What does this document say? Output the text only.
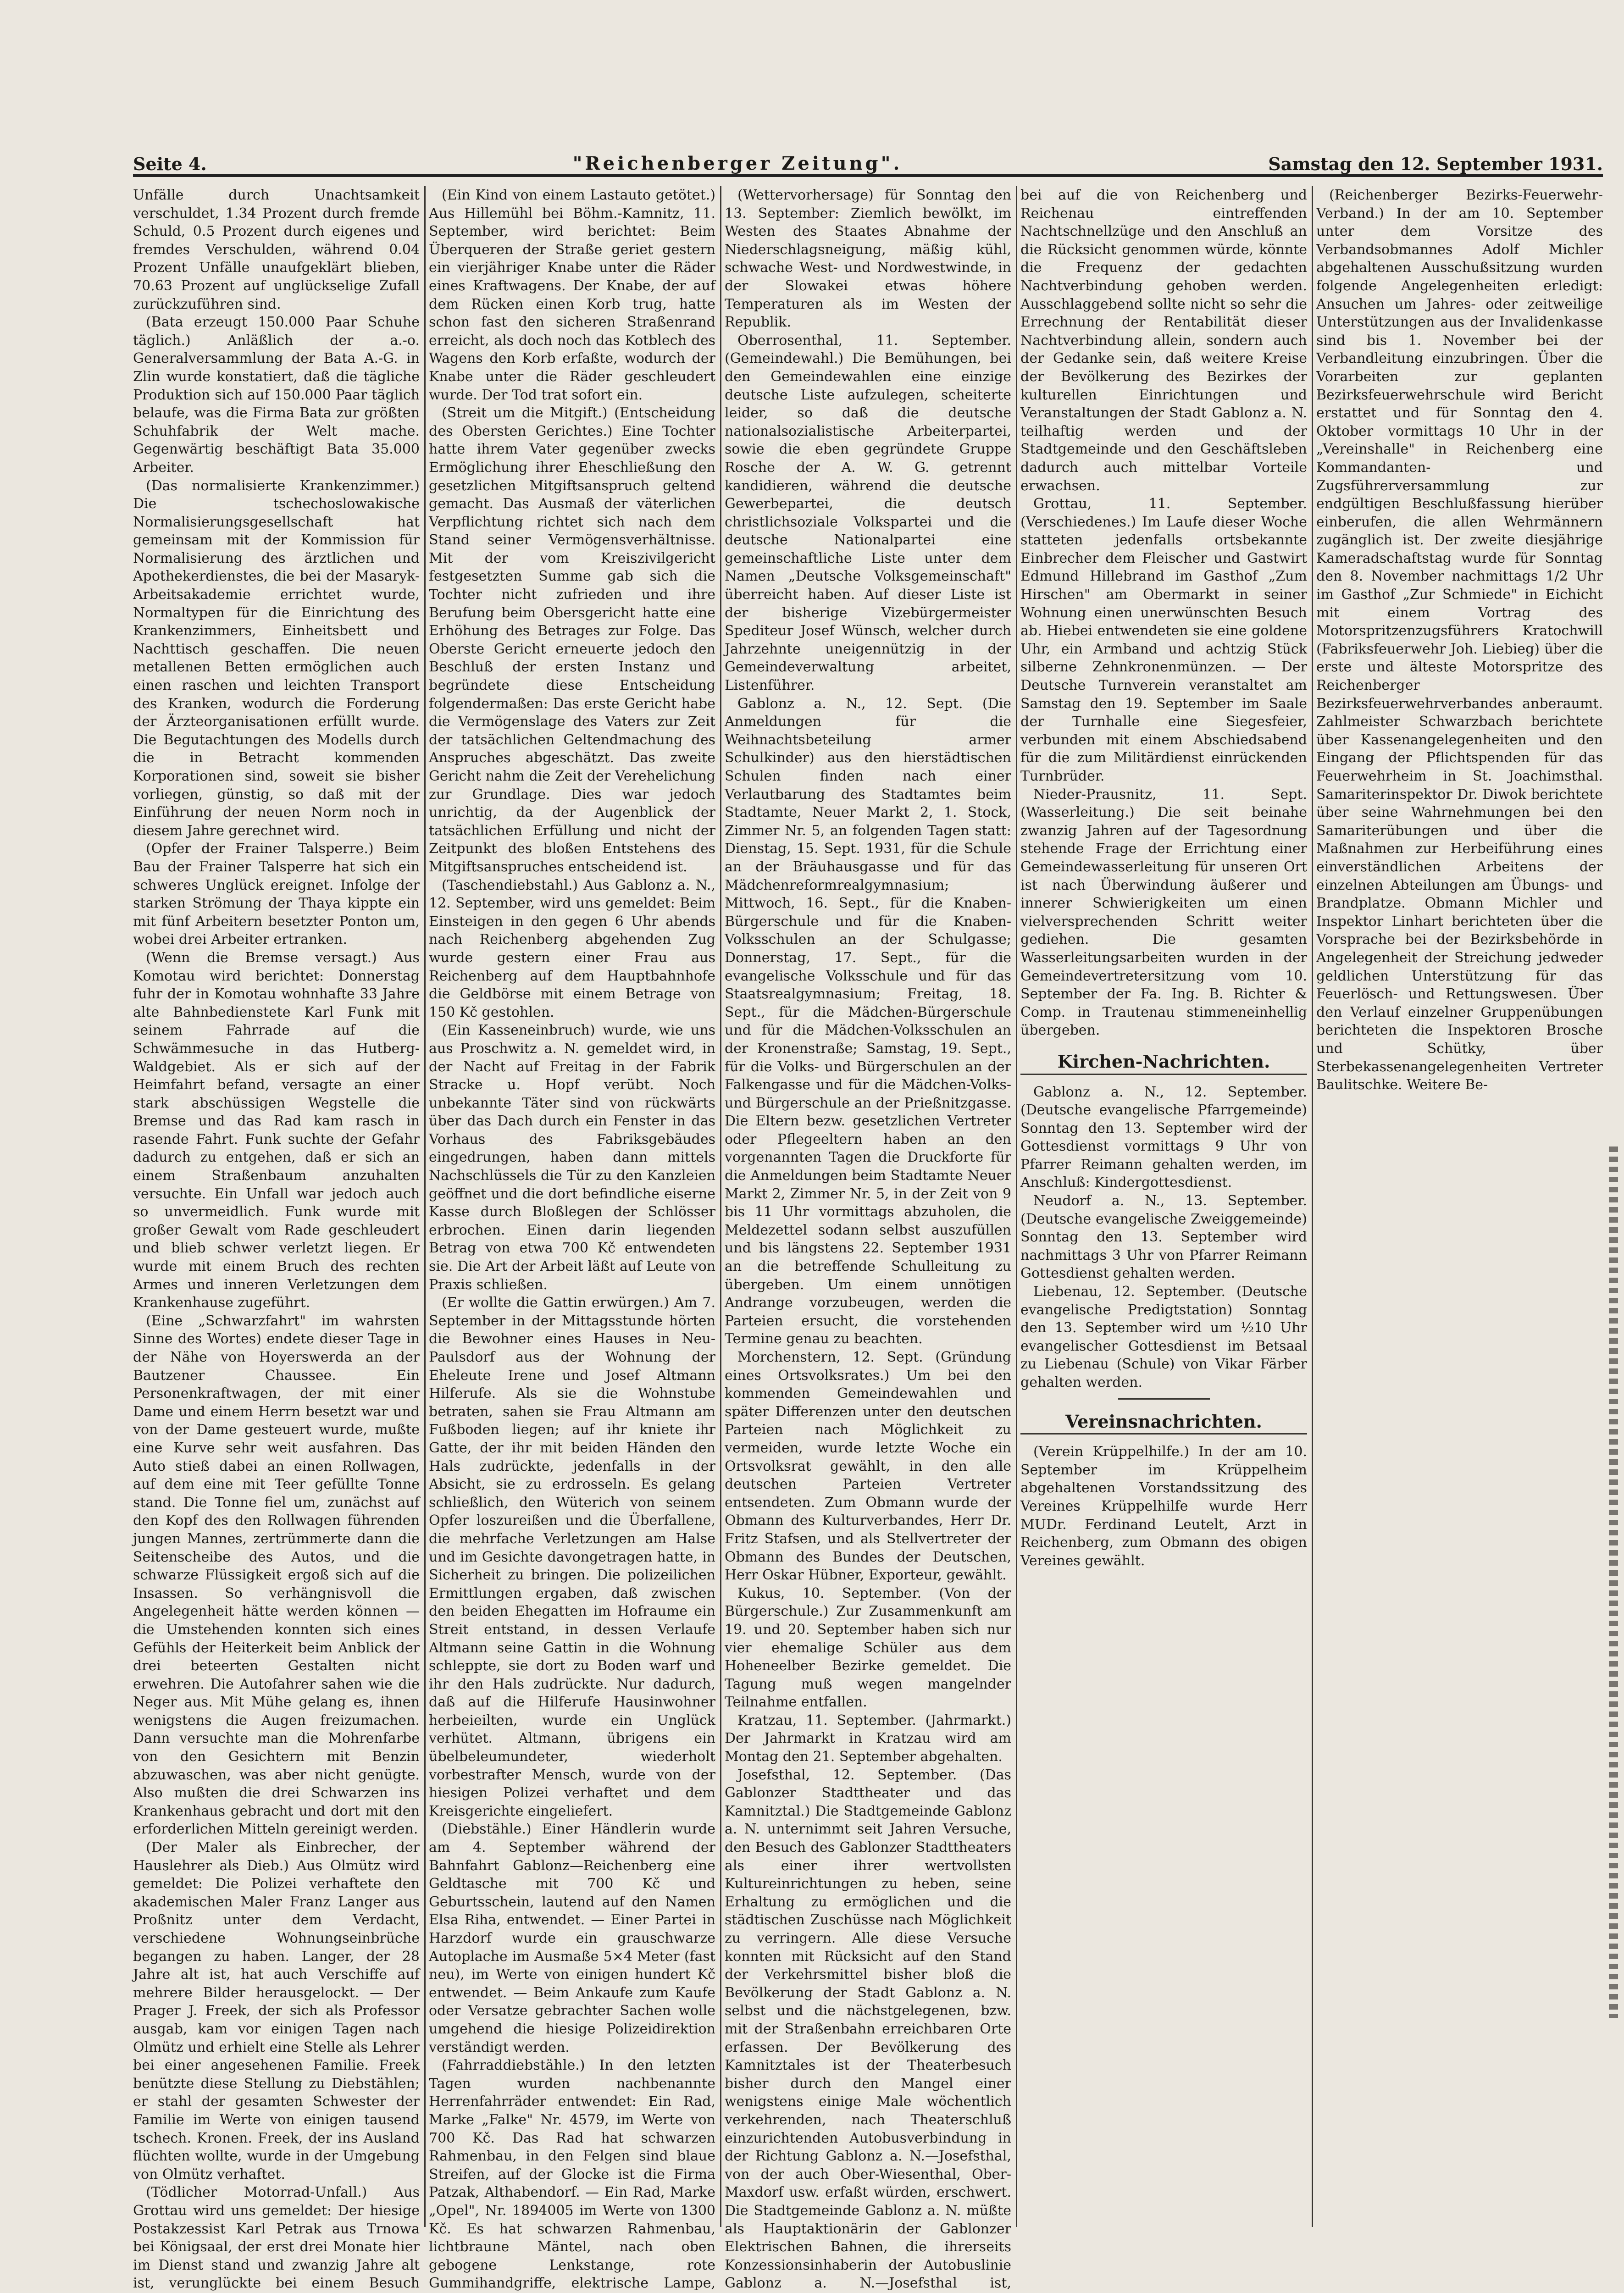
Seite 4.	"Reichenberger Zeitung".	Samstag den 12. September 1931.

Unfälle durch Unachtsamkeit verschuldet, 1.34 Prozent durch fremde Schuld, 0.5 Prozent durch eigenes und fremdes Verschulden, während 0.04 Prozent Unfälle unaufgeklärt blieben, 70.63 Prozent auf unglückselige Zufall zurückzuführen sind.

(Bata erzeugt 150.000 Paar Schuhe täglich.) Anläßlich der a.-o. Generalversammlung der Bata A.-G. in Zlin wurde konstatiert, daß die tägliche Produktion sich auf 150.000 Paar täglich belaufe, was die Firma Bata zur größten Schuhfabrik der Welt mache. Gegenwärtig beschäftigt Bata 35.000 Arbeiter.

(Das normalisierte Krankenzimmer.) Die tschechoslowakische Normalisierungsgesellschaft hat gemeinsam mit der Kommission für Normalisierung des ärztlichen und Apothekerdienstes, die bei der Masaryk-Arbeitsakademie errichtet wurde, Normaltypen für die Einrichtung des Krankenzimmers, Einheitsbett und Nachttisch geschaffen. Die neuen metallenen Betten ermöglichen auch einen raschen und leichten Transport des Kranken, wodurch die Forderung der Ärzteorganisationen erfüllt wurde. Die Begutachtungen des Modells durch die in Betracht kommenden Korporationen sind, soweit sie bisher vorliegen, günstig, so daß mit der Einführung der neuen Norm noch in diesem Jahre gerechnet wird.

(Opfer der Frainer Talsperre.) Beim Bau der Frainer Talsperre hat sich ein schweres Unglück ereignet. Infolge der starken Strömung der Thaya kippte ein mit fünf Arbeitern besetzter Ponton um, wobei drei Arbeiter ertranken.

(Wenn die Bremse versagt.) Aus Komotau wird berichtet: Donnerstag fuhr der in Komotau wohnhafte 33 Jahre alte Bahnbedienstete Karl Funk mit seinem Fahrrade auf die Schwämmesuche in das Hutberg-Waldgebiet. Als er sich auf der Heimfahrt befand, versagte an einer stark abschüssigen Wegstelle die Bremse und das Rad kam rasch in rasende Fahrt. Funk suchte der Gefahr dadurch zu entgehen, daß er sich an einem Straßenbaum anzuhalten versuchte. Ein Unfall war jedoch auch so unvermeidlich. Funk wurde mit großer Gewalt vom Rade geschleudert und blieb schwer verletzt liegen. Er wurde mit einem Bruch des rechten Armes und inneren Verletzungen dem Krankenhause zugeführt.

(Eine „Schwarzfahrt" im wahrsten Sinne des Wortes) endete dieser Tage in der Nähe von Hoyerswerda an der Bautzener Chaussee. Ein Personenkraftwagen, der mit einer Dame und einem Herrn besetzt war und von der Dame gesteuert wurde, mußte eine Kurve sehr weit ausfahren. Das Auto stieß dabei an einen Rollwagen, auf dem eine mit Teer gefüllte Tonne stand. Die Tonne fiel um, zunächst auf den Kopf des den Rollwagen führenden jungen Mannes, zertrümmerte dann die Seitenscheibe des Autos, und die schwarze Flüssigkeit ergoß sich auf die Insassen. So verhängnisvoll die Angelegenheit hätte werden können — die Umstehenden konnten sich eines Gefühls der Heiterkeit beim Anblick der drei beteerten Gestalten nicht erwehren. Die Autofahrer sahen wie die Neger aus. Mit Mühe gelang es, ihnen wenigstens die Augen freizumachen. Dann versuchte man die Mohrenfarbe von den Gesichtern mit Benzin abzuwaschen, was aber nicht genügte. Also mußten die drei Schwarzen ins Krankenhaus gebracht und dort mit den erforderlichen Mitteln gereinigt werden.

(Der Maler als Einbrecher, der Hauslehrer als Dieb.) Aus Olmütz wird gemeldet: Die Polizei verhaftete den akademischen Maler Franz Langer aus Proßnitz unter dem Verdacht, verschiedene Wohnungseinbrüche begangen zu haben. Langer, der 28 Jahre alt ist, hat auch Verschiffe auf mehrere Bilder herausgelockt. — Der Prager J. Freek, der sich als Professor ausgab, kam vor einigen Tagen nach Olmütz und erhielt eine Stelle als Lehrer bei einer angesehenen Familie. Freek benützte diese Stellung zu Diebstählen; er stahl der gesamten Schwester der Familie im Werte von einigen tausend tschech. Kronen. Freek, der ins Ausland flüchten wollte, wurde in der Umgebung von Olmütz verhaftet.

(Tödlicher Motorrad-Unfall.) Aus Grottau wird uns gemeldet: Der hiesige Postakzessist Karl Petrak aus Trnowa bei Königsaal, der erst drei Monate hier im Dienst stand und zwanzig Jahre alt ist, verunglückte bei einem Besuch

(Ein Kind von einem Lastauto getötet.) Aus Hillemühl bei Böhm.-Kamnitz, 11. September, wird berichtet: Beim Überqueren der Straße geriet gestern ein vierjähriger Knabe unter die Räder eines Kraftwagens. Der Knabe, der auf dem Rücken einen Korb trug, hatte schon fast den sicheren Straßenrand erreicht, als doch noch das Kotblech des Wagens den Korb erfaßte, wodurch der Knabe unter die Räder geschleudert wurde. Der Tod trat sofort ein.

(Streit um die Mitgift.) (Entscheidung des Obersten Gerichtes.) Eine Tochter hatte ihrem Vater gegenüber zwecks Ermöglichung ihrer Eheschließung den gesetzlichen Mitgiftsanspruch geltend gemacht. Das Ausmaß der väterlichen Verpflichtung richtet sich nach dem Stand seiner Vermögensverhältnisse. Mit der vom Kreiszivilgericht festgesetzten Summe gab sich die Tochter nicht zufrieden und ihre Berufung beim Obersgericht hatte eine Erhöhung des Betrages zur Folge. Das Oberste Gericht erneuerte jedoch den Beschluß der ersten Instanz und begründete diese Entscheidung folgendermaßen: Das erste Gericht habe die Vermögenslage des Vaters zur Zeit der tatsächlichen Geltendmachung des Anspruches abgeschätzt. Das zweite Gericht nahm die Zeit der Verehelichung zur Grundlage. Dies war jedoch unrichtig, da der Augenblick der tatsächlichen Erfüllung und nicht der Zeitpunkt des bloßen Entstehens des Mitgiftsanspruches entscheidend ist.

(Taschendiebstahl.) Aus Gablonz a. N., 12. September, wird uns gemeldet: Beim Einsteigen in den gegen 6 Uhr abends nach Reichenberg abgehenden Zug wurde gestern einer Frau aus Reichenberg auf dem Hauptbahnhofe die Geldbörse mit einem Betrage von 150 Kč gestohlen.

(Ein Kasseneinbruch) wurde, wie uns aus Proschwitz a. N. gemeldet wird, in der Nacht auf Freitag in der Fabrik Stracke u. Hopf verübt. Noch unbekannte Täter sind von rückwärts über das Dach durch ein Fenster in das Vorhaus des Fabriksgebäudes eingedrungen, haben dann mittels Nachschlüssels die Tür zu den Kanzleien geöffnet und die dort befindliche eiserne Kasse durch Bloßlegen der Schlösser erbrochen. Einen darin liegenden Betrag von etwa 700 Kč entwendeten sie. Die Art der Arbeit läßt auf Leute von Praxis schließen.

(Er wollte die Gattin erwürgen.) Am 7. September in der Mittagsstunde hörten die Bewohner eines Hauses in Neu-Paulsdorf aus der Wohnung der Eheleute Irene und Josef Altmann Hilferufe. Als sie die Wohnstube betraten, sahen sie Frau Altmann am Fußboden liegen; auf ihr kniete ihr Gatte, der ihr mit beiden Händen den Hals zudrückte, jedenfalls in der Absicht, sie zu erdrosseln. Es gelang schließlich, den Wüterich von seinem Opfer loszureißen und die Überfallene, die mehrfache Verletzungen am Halse und im Gesichte davongetragen hatte, in Sicherheit zu bringen. Die polizeilichen Ermittlungen ergaben, daß zwischen den beiden Ehegatten im Hofraume ein Streit entstand, in dessen Verlaufe Altmann seine Gattin in die Wohnung schleppte, sie dort zu Boden warf und ihr den Hals zudrückte. Nur dadurch, daß auf die Hilferufe Hausinwohner herbeieilten, wurde ein Unglück verhütet. Altmann, übrigens ein übelbeleumundeter, wiederholt vorbestrafter Mensch, wurde von der hiesigen Polizei verhaftet und dem Kreisgerichte eingeliefert.

(Diebstähle.) Einer Händlerin wurde am 4. September während der Bahnfahrt Gablonz—Reichenberg eine Geldtasche mit 700 Kč und Geburtsschein, lautend auf den Namen Elsa Riha, entwendet. — Einer Partei in Harzdorf wurde ein grauschwarze Autoplache im Ausmaße 5×4 Meter (fast neu), im Werte von einigen hundert Kč entwendet. — Beim Ankaufe zum Kaufe oder Versatze gebrachter Sachen wolle umgehend die hiesige Polizeidirektion verständigt werden.

(Fahrraddiebstähle.) In den letzten Tagen wurden nachbenannte Herrenfahrräder entwendet: Ein Rad, Marke „Falke" Nr. 4579, im Werte von 700 Kč. Das Rad hat schwarzen Rahmenbau, in den Felgen sind blaue Streifen, auf der Glocke ist die Firma Patzak, Althabendorf. — Ein Rad, Marke „Opel", Nr. 1894005 im Werte von 1300 Kč. Es hat schwarzen Rahmenbau, lichtbraune Mäntel, nach oben gebogene Lenkstange, rote Gummihandgriffe, elektrische Lampe,

(Wettervorhersage) für Sonntag den 13. September: Ziemlich bewölkt, im Westen des Staates Abnahme der Niederschlagsneigung, mäßig kühl, schwache West- und Nordwestwinde, in der Slowakei etwas höhere Temperaturen als im Westen der Republik.

Oberrosenthal, 11. September. (Gemeindewahl.) Die Bemühungen, bei den Gemeindewahlen eine einzige deutsche Liste aufzulegen, scheiterte leider, so daß die deutsche nationalsozialistische Arbeiterpartei, sowie die eben gegründete Gruppe Rosche der A. W. G. getrennt kandidieren, während die deutsche Gewerbepartei, die deutsch christlichsoziale Volkspartei und die deutsche Nationalpartei eine gemeinschaftliche Liste unter dem Namen „Deutsche Volksgemeinschaft" überreicht haben. Auf dieser Liste ist der bisherige Vizebürgermeister Spediteur Josef Wünsch, welcher durch Jahrzehnte uneigennützig in der Gemeindeverwaltung arbeitet, Listenführer.

Gablonz a. N., 12. Sept. (Die Anmeldungen für die Weihnachtsbeteilung armer Schulkinder) aus den hierstädtischen Schulen finden nach einer Verlautbarung des Stadtamtes beim Stadtamte, Neuer Markt 2, 1. Stock, Zimmer Nr. 5, an folgenden Tagen statt: Dienstag, 15. Sept. 1931, für die Schule an der Bräuhausgasse und für das Mädchenreformrealgymnasium; Mittwoch, 16. Sept., für die Knaben-Bürgerschule und für die Knaben-Volksschulen an der Schulgasse; Donnerstag, 17. Sept., für die evangelische Volksschule und für das Staatsrealgymnasium; Freitag, 18. Sept., für die Mädchen-Bürgerschule und für die Mädchen-Volksschulen an der Kronenstraße; Samstag, 19. Sept., für die Volks- und Bürgerschulen an der Falkengasse und für die Mädchen-Volks- und Bürgerschule an der Prießnitzgasse. Die Eltern bezw. gesetzlichen Vertreter oder Pflegeeltern haben an den vorgenannten Tagen die Druckforte für die Anmeldungen beim Stadtamte Neuer Markt 2, Zimmer Nr. 5, in der Zeit von 9 bis 11 Uhr vormittags abzuholen, die Meldezettel sodann selbst auszufüllen und bis längstens 22. September 1931 an die betreffende Schulleitung zu übergeben. Um einem unnötigen Andrange vorzubeugen, werden die Parteien ersucht, die vorstehenden Termine genau zu beachten.

Morchenstern, 12. Sept. (Gründung eines Ortsvolksrates.) Um bei den kommenden Gemeindewahlen und später Differenzen unter den deutschen Parteien nach Möglichkeit zu vermeiden, wurde letzte Woche ein Ortsvolksrat gewählt, in den alle deutschen Parteien Vertreter entsendeten. Zum Obmann wurde der Obmann des Kulturverbandes, Herr Dr. Fritz Stafsen, und als Stellvertreter der Obmann des Bundes der Deutschen, Herr Oskar Hübner, Exporteur, gewählt.

Kukus, 10. September. (Von der Bürgerschule.) Zur Zusammenkunft am 19. und 20. September haben sich nur vier ehemalige Schüler aus dem Hoheneelber Bezirke gemeldet. Die Tagung muß wegen mangelnder Teilnahme entfallen.

Kratzau, 11. September. (Jahrmarkt.) Der Jahrmarkt in Kratzau wird am Montag den 21. September abgehalten.

Josefsthal, 12. September. (Das Gablonzer Stadttheater und das Kamnitztal.) Die Stadtgemeinde Gablonz a. N. unternimmt seit Jahren Versuche, den Besuch des Gablonzer Stadttheaters als einer ihrer wertvollsten Kultureinrichtungen zu heben, seine Erhaltung zu ermöglichen und die städtischen Zuschüsse nach Möglichkeit zu verringern. Alle diese Versuche konnten mit Rücksicht auf den Stand der Verkehrsmittel bisher bloß die Bevölkerung der Stadt Gablonz a. N. selbst und die nächstgelegenen, bzw. mit der Straßenbahn erreichbaren Orte erfassen. Der Bevölkerung des Kamnitztales ist der Theaterbesuch bisher durch den Mangel einer wenigstens einige Male wöchentlich verkehrenden, nach Theaterschluß einzurichtenden Autobusverbindung in der Richtung Gablonz a. N.—Josefsthal, von der auch Ober-Wiesenthal, Ober-Maxdorf usw. erfaßt würden, erschwert. Die Stadtgemeinde Gablonz a. N. müßte als Hauptaktionärin der Gablonzer Elektrischen Bahnen, die ihrerseits Konzessionsinhaberin der Autobuslinie Gablonz a. N.—Josefsthal ist,

bei auf die von Reichenberg und Reichenau eintreffenden Nachtschnellzüge und den Anschluß an die Rücksicht genommen würde, könnte die Frequenz der gedachten Nachtverbindung gehoben werden. Ausschlaggebend sollte nicht so sehr die Errechnung der Rentabilität dieser Nachtverbindung allein, sondern auch der Gedanke sein, daß weitere Kreise der Bevölkerung des Bezirkes der kulturellen Einrichtungen und Veranstaltungen der Stadt Gablonz a. N. teilhaftig werden und der Stadtgemeinde und den Geschäftsleben dadurch auch mittelbar Vorteile erwachsen.

Grottau, 11. September. (Verschiedenes.) Im Laufe dieser Woche statteten jedenfalls ortsbekannte Einbrecher dem Fleischer und Gastwirt Edmund Hillebrand im Gasthof „Zum Hirschen" am Obermarkt in seiner Wohnung einen unerwünschten Besuch ab. Hiebei entwendeten sie eine goldene Uhr, ein Armband und achtzig Stück silberne Zehnkronenmünzen. — Der Deutsche Turnverein veranstaltet am Samstag den 19. September im Saale der Turnhalle eine Siegesfeier, verbunden mit einem Abschiedsabend für die zum Militärdienst einrückenden Turnbrüder.

Nieder-Prausnitz, 11. Sept. (Wasserleitung.) Die seit beinahe zwanzig Jahren auf der Tagesordnung stehende Frage der Errichtung einer Gemeindewasserleitung für unseren Ort ist nach Überwindung äußerer und innerer Schwierigkeiten um einen vielversprechenden Schritt weiter gediehen. Die gesamten Wasserleitungsarbeiten wurden in der Gemeindevertretersitzung vom 10. September der Fa. Ing. B. Richter & Comp. in Trautenau stimmeneinhellig übergeben.

Kirchen-Nachrichten.

Gablonz a. N., 12. September. (Deutsche evangelische Pfarrgemeinde) Sonntag den 13. September wird der Gottesdienst vormittags 9 Uhr von Pfarrer Reimann gehalten werden, im Anschluß: Kindergottesdienst.

Neudorf a. N., 13. September. (Deutsche evangelische Zweiggemeinde) Sonntag den 13. September wird nachmittags 3 Uhr von Pfarrer Reimann Gottesdienst gehalten werden.

Liebenau, 12. September. (Deutsche evangelische Predigtstation) Sonntag den 13. September wird um ½10 Uhr evangelischer Gottesdienst im Betsaal zu Liebenau (Schule) von Vikar Färber gehalten werden.

Vereinsnachrichten.

(Verein Krüppelhilfe.) In der am 10. September im Krüppelheim abgehaltenen Vorstandssitzung des Vereines Krüppelhilfe wurde Herr MUDr. Ferdinand Leutelt, Arzt in Reichenberg, zum Obmann des obigen Vereines gewählt.

(Reichenberger Bezirks-Feuerwehr-Verband.) In der am 10. September unter dem Vorsitze des Verbandsobmannes Adolf Michler abgehaltenen Ausschußsitzung wurden folgende Angelegenheiten erledigt: Ansuchen um Jahres- oder zeitweilige Unterstützungen aus der Invalidenkasse sind bis 1. November bei der Verbandleitung einzubringen. Über die Vorarbeiten zur geplanten Bezirksfeuerwehrschule wird Bericht erstattet und für Sonntag den 4. Oktober vormittags 10 Uhr in der „Vereinshalle" in Reichenberg eine Kommandanten- und Zugsführerversammlung zur endgültigen Beschlußfassung hierüber einberufen, die allen Wehrmännern zugänglich ist. Der zweite diesjährige Kameradschaftstag wurde für Sonntag den 8. November nachmittags 1/2 Uhr im Gasthof „Zur Schmiede" in Eichicht mit einem Vortrag des Motorspritzenzugsführers Kratochwill (Fabriksfeuerwehr Joh. Liebieg) über die erste und älteste Motorspritze des Reichenberger Bezirksfeuerwehrverbandes anberaumt. Zahlmeister Schwarzbach berichtete über Kassenangelegenheiten und den Eingang der Pflichtspenden für das Feuerwehrheim in St. Joachimsthal. Samariterinspektor Dr. Diwok berichtete über seine Wahrnehmungen bei den Samariterübungen und über die Maßnahmen zur Herbeiführung eines einverständlichen Arbeitens der einzelnen Abteilungen am Übungs- und Brandplatze. Obmann Michler und Inspektor Linhart berichteten über die Vorsprache bei der Bezirksbehörde in Angelegenheit der Streichung jedweder geldlichen Unterstützung für das Feuerlösch- und Rettungswesen. Über den Verlauf einzelner Gruppenübungen berichteten die Inspektoren Brosche und Schütky, über Sterbekassenangelegenheiten Vertreter Baulitschke. Weitere Be-
